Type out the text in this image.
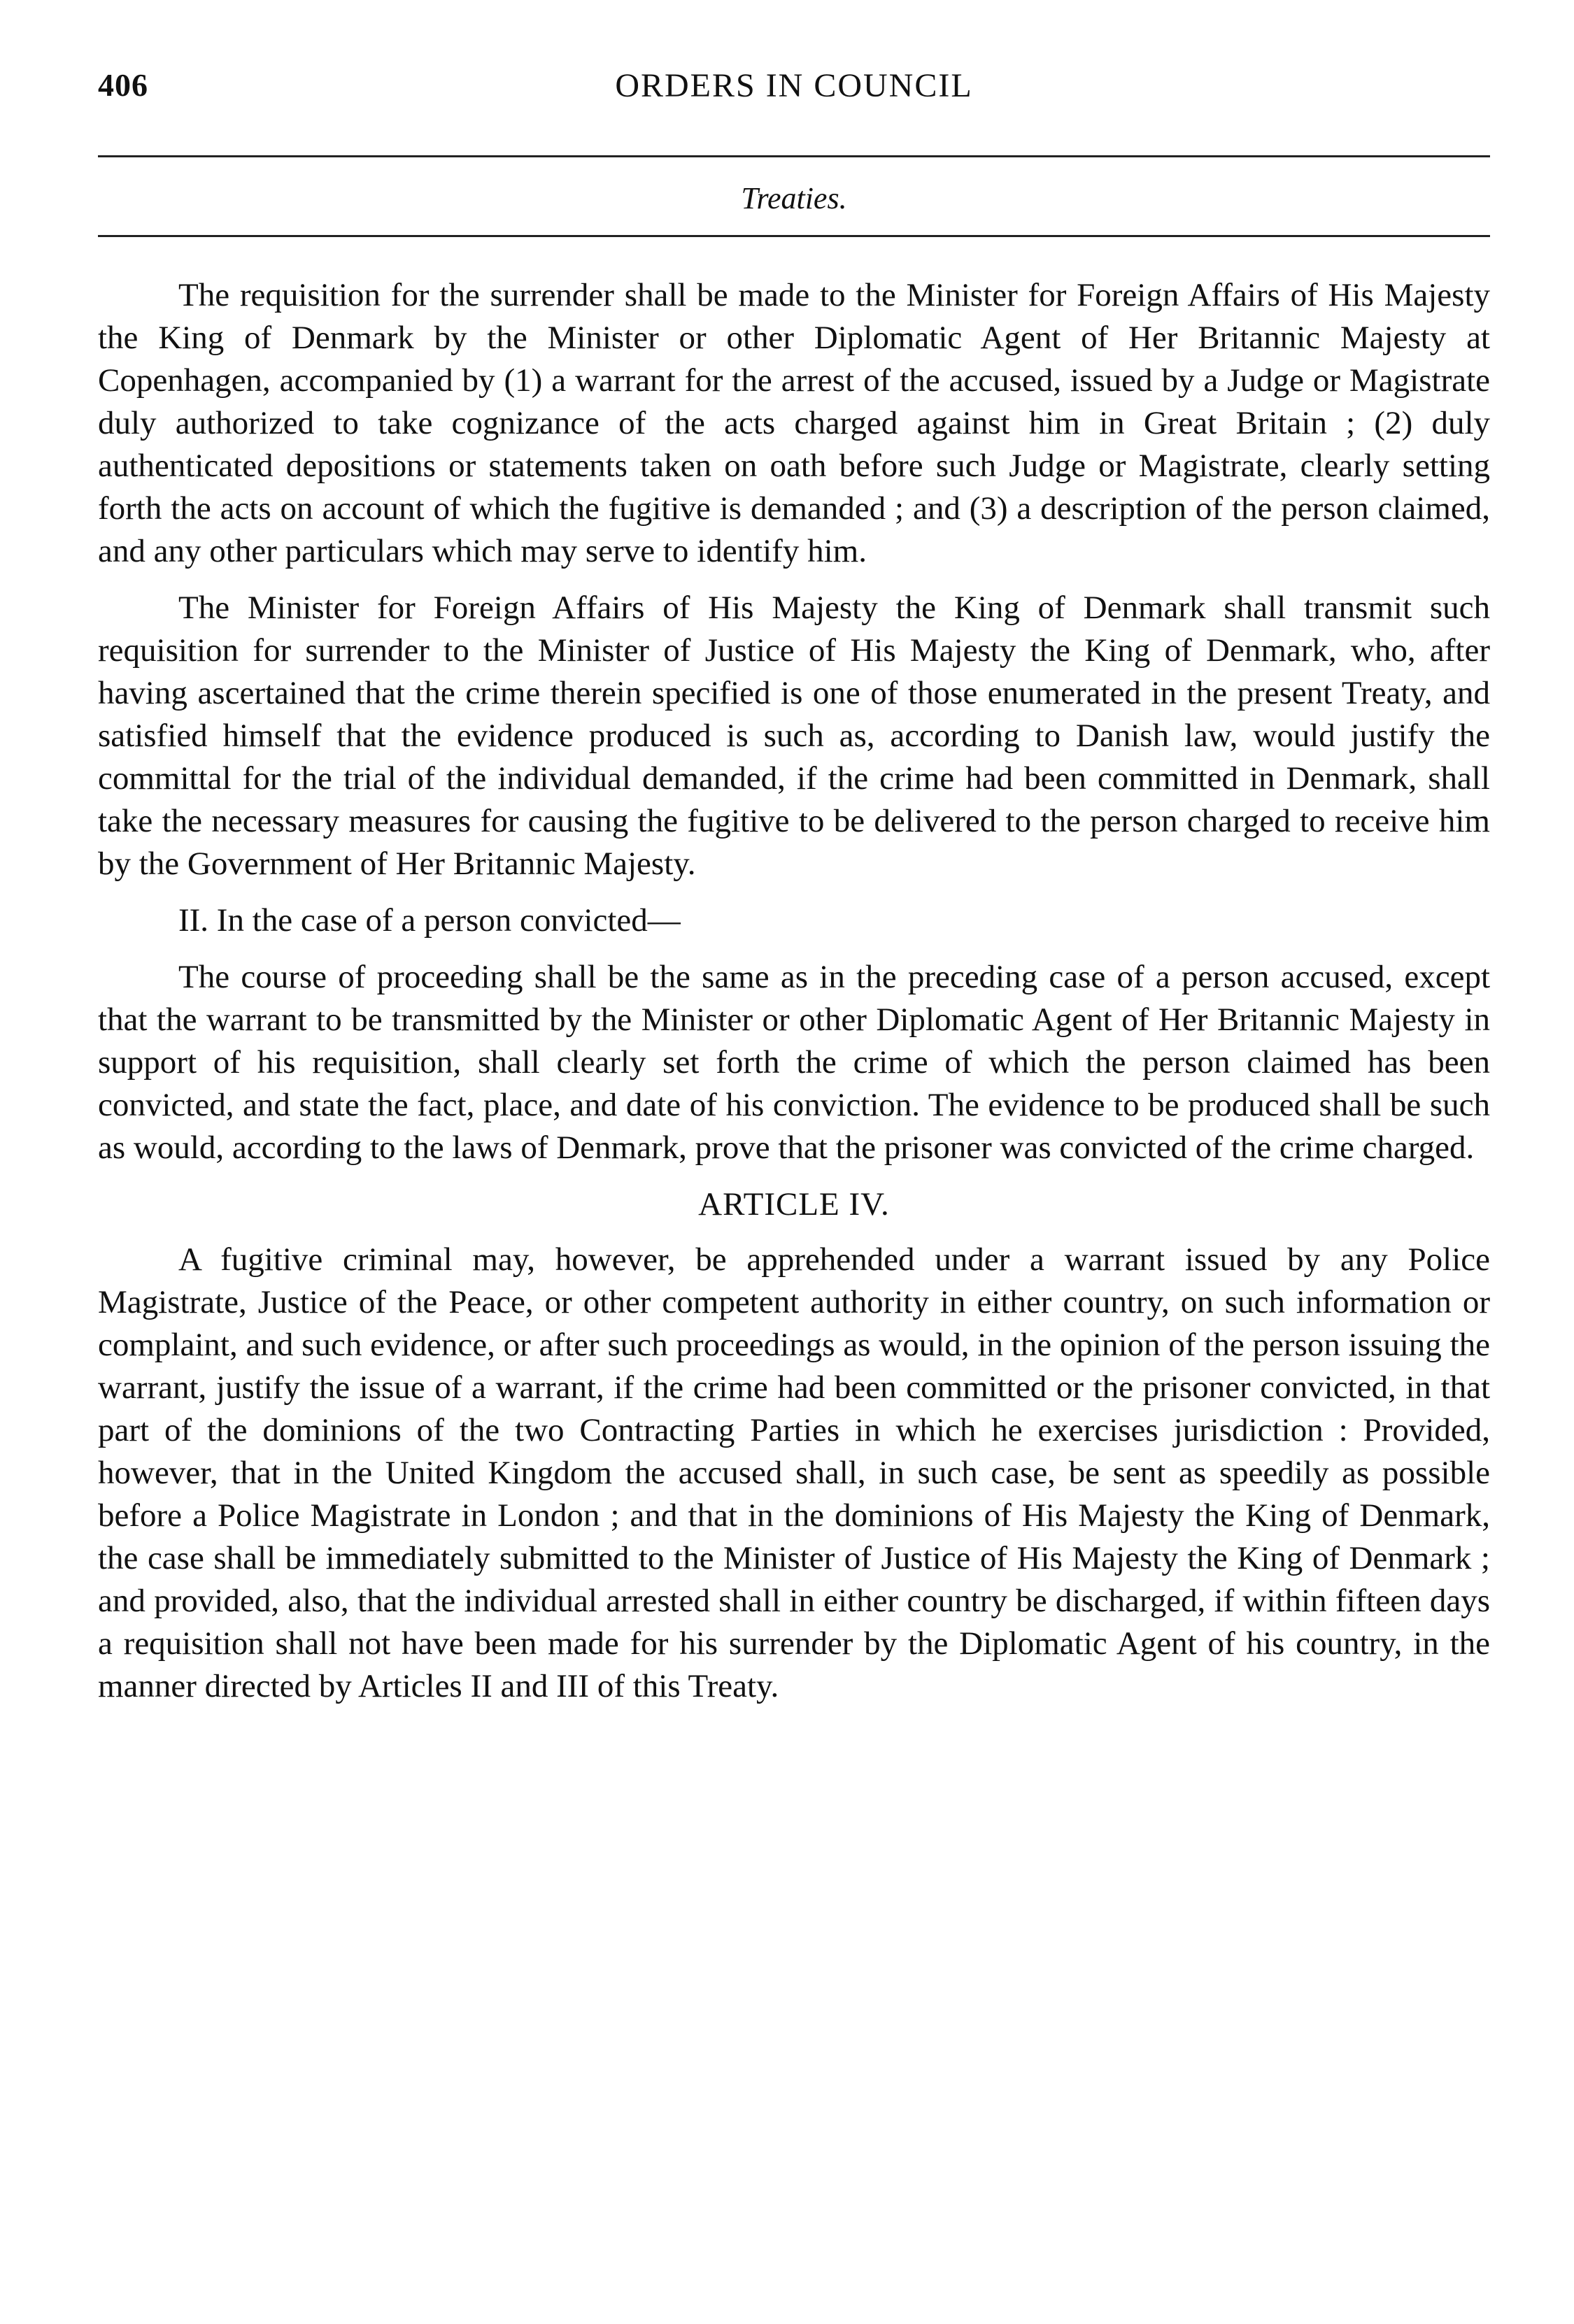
406	ORDERS IN COUNCIL
Treaties.

The requisition for the surrender shall be made to the Minister for Foreign Affairs of His Majesty the King of Denmark by the Minister or other Diplomatic Agent of Her Britannic Majesty at Copenhagen, accompanied by (1) a warrant for the arrest of the accused, issued by a Judge or Magistrate duly authorized to take cognizance of the acts charged against him in Great Britain ; (2) duly authenticated depositions or statements taken on oath before such Judge or Magistrate, clearly setting forth the acts on account of which the fugitive is demanded ; and (3) a description of the person claimed, and any other particulars which may serve to identify him.

The Minister for Foreign Affairs of His Majesty the King of Denmark shall transmit such requisition for surrender to the Minister of Justice of His Majesty the King of Denmark, who, after having ascertained that the crime therein specified is one of those enumerated in the present Treaty, and satisfied himself that the evidence produced is such as, according to Danish law, would justify the committal for the trial of the individual demanded, if the crime had been committed in Denmark, shall take the necessary measures for causing the fugitive to be delivered to the person charged to receive him by the Government of Her Britannic Majesty.

II. In the case of a person convicted—

The course of proceeding shall be the same as in the preceding case of a person accused, except that the warrant to be transmitted by the Minister or other Diplomatic Agent of Her Britannic Majesty in support of his requisition, shall clearly set forth the crime of which the person claimed has been convicted, and state the fact, place, and date of his conviction. The evidence to be produced shall be such as would, according to the laws of Denmark, prove that the prisoner was convicted of the crime charged.

ARTICLE IV.

A fugitive criminal may, however, be apprehended under a warrant issued by any Police Magistrate, Justice of the Peace, or other competent authority in either country, on such information or complaint, and such evidence, or after such proceedings as would, in the opinion of the person issuing the warrant, justify the issue of a warrant, if the crime had been committed or the prisoner convicted, in that part of the dominions of the two Contracting Parties in which he exercises jurisdiction : Provided, however, that in the United Kingdom the accused shall, in such case, be sent as speedily as possible before a Police Magistrate in London ; and that in the dominions of His Majesty the King of Denmark, the case shall be immediately submitted to the Minister of Justice of His Majesty the King of Denmark ; and provided, also, that the individual arrested shall in either country be discharged, if within fifteen days a requisition shall not have been made for his surrender by the Diplomatic Agent of his country, in the manner directed by Articles II and III of this Treaty.
